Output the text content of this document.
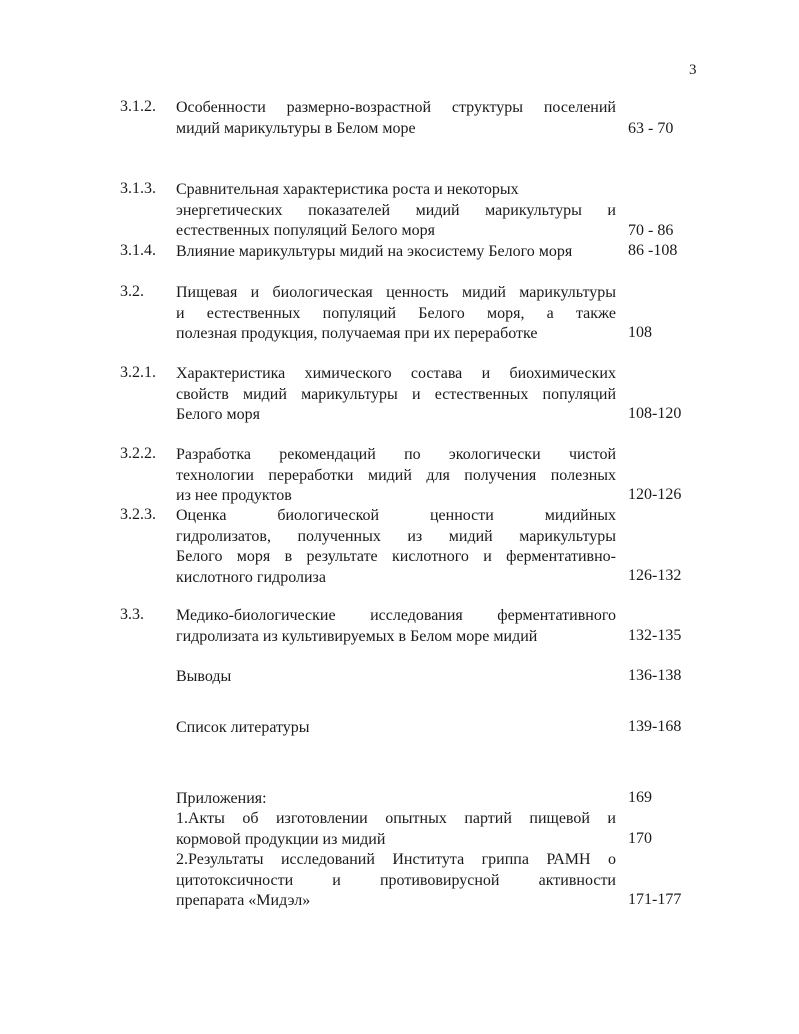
3
3.1.2. Особенности размерно-возрастной структуры поселений
мидий марикультуры в Белом море	63 - 70
3.1.3. Сравнительная характеристика роста и некоторых
энергетических показателей мидий марикультуры и
естественных популяций Белого моря	70 - 86
3.1.4. Влияние марикультуры мидий на экосистему Белого моря	86 -108
3.2. Пищевая и биологическая ценность мидий марикультуры
и естественных популяций Белого моря, а также
полезная продукция, получаемая при их переработке	108
3.2.1. Характеристика химического состава и биохимических
свойств мидий марикультуры и естественных популяций
Белого моря	108-120
3.2.2. Разработка рекомендаций по экологически чистой
технологии переработки мидий для получения полезных
из нее продуктов	120-126
3.2.3. Оценка биологической ценности мидийных
гидролизатов, полученных из мидий марикультуры
Белого моря в результате кислотного и ферментативно-
кислотного гидролиза	126-132
3.3. Медико-биологические исследования ферментативного
гидролизата из культивируемых в Белом море мидий	132-135
Выводы	136-138
Список литературы	139-168
Приложения:	169
1.Акты об изготовлении опытных партий пищевой и
кормовой продукции из мидий	170
2.Результаты исследований Института гриппа РАМН о
цитотоксичности и противовирусной активности
препарата «Мидэл»	171-177
